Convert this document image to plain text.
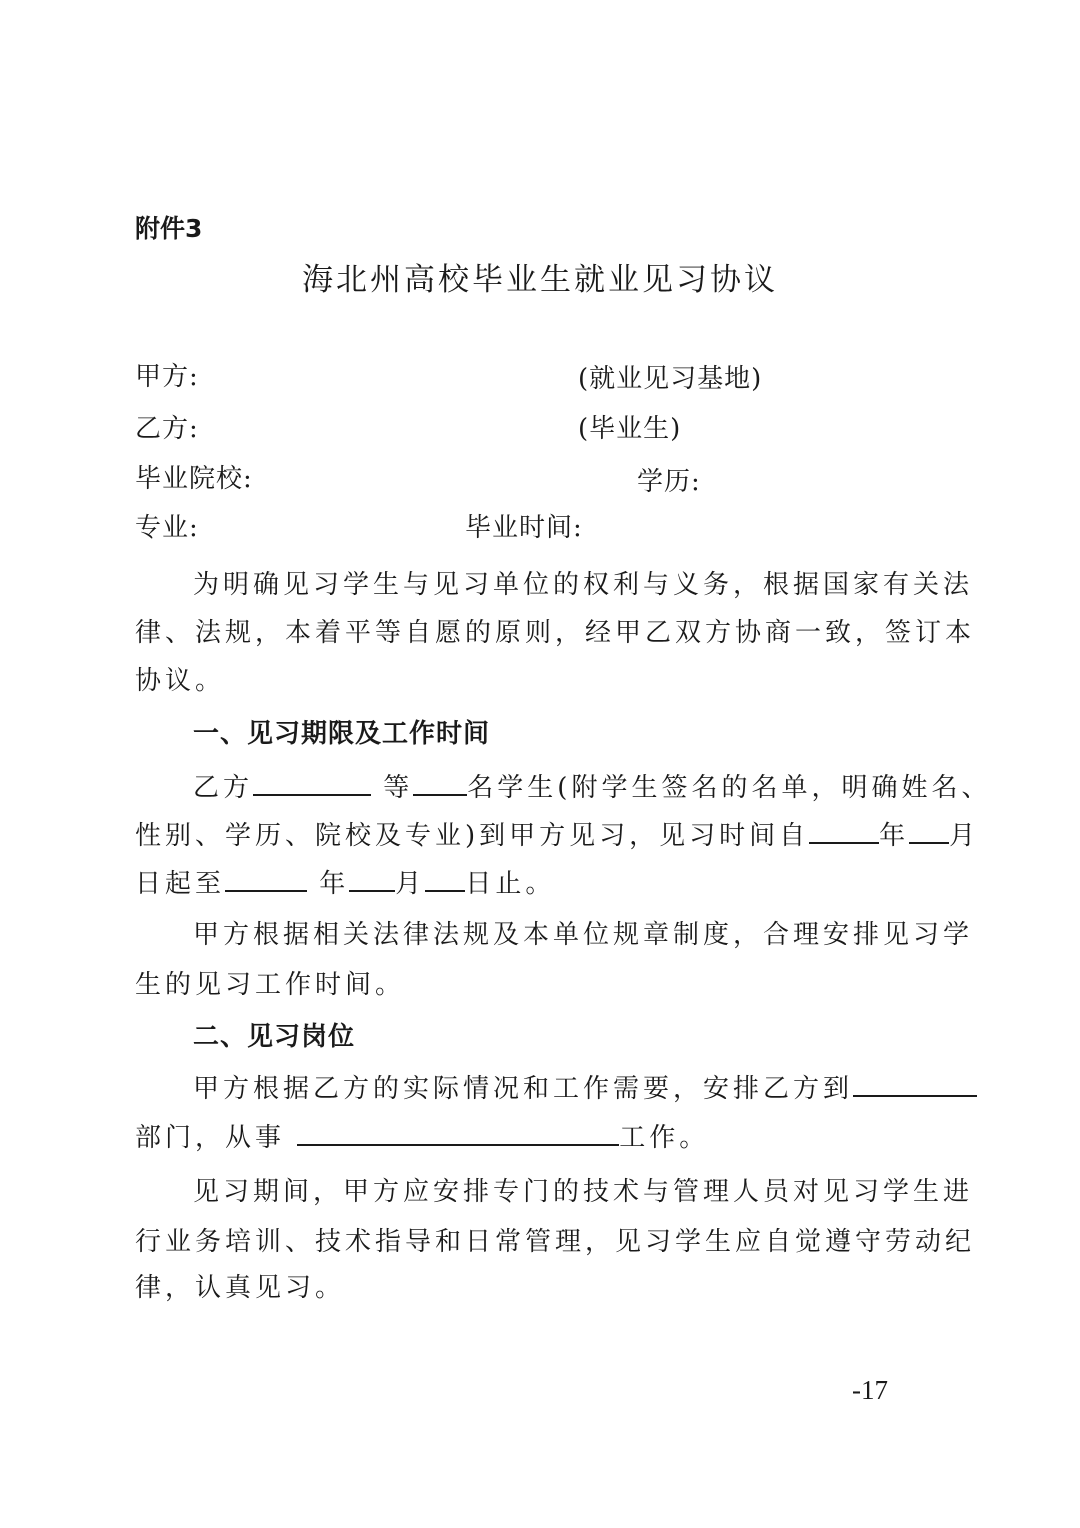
附件3
海北州高校毕业生就业见习协议
甲方:	(就业见习基地)
乙方:	(毕业生)
毕业院校:	学历:
专业:	毕业时间:
为明确见习学生与见习单位的权利与义务，根据国家有关法
律、法规，本着平等自愿的原则，经甲乙双方协商一致，签订本
协议。
一、见习期限及工作时间
乙方	等 名学生(附学生签名的名单，明确姓名、
性别、学历、院校及专业)到甲方见习，见习时间自	年 月
日起至	年 月 日止。
甲方根据相关法律法规及本单位规章制度，合理安排见习学
生的见习工作时间。
二、见习岗位
甲方根据乙方的实际情况和工作需要，安排乙方到
部门，从事	工作。
见习期间，甲方应安排专门的技术与管理人员对见习学生进
行业务培训、技术指导和日常管理，见习学生应自觉遵守劳动纪
律，认真见习。
-17
